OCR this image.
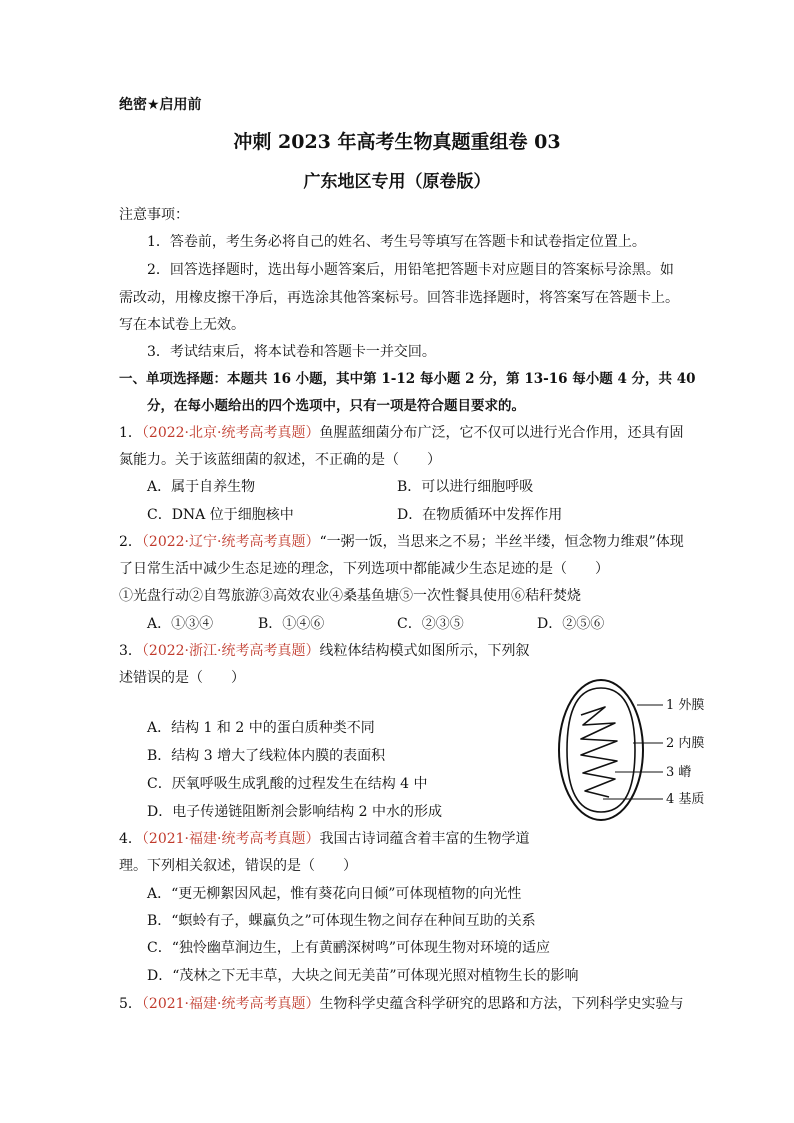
绝密★启用前
冲刺 2023 年高考生物真题重组卷 03
广东地区专用（原卷版）
注意事项：
1．答卷前，考生务必将自己的姓名、考生号等填写在答题卡和试卷指定位置上。
2．回答选择题时，选出每小题答案后，用铅笔把答题卡对应题目的答案标号涂黑。如
需改动，用橡皮擦干净后，再选涂其他答案标号。回答非选择题时，将答案写在答题卡上。
写在本试卷上无效。
3．考试结束后，将本试卷和答题卡一并交回。
一、单项选择题：本题共 16 小题，其中第 1-12 每小题 2 分，第 13-16 每小题 4 分，共 40
分，在每小题给出的四个选项中，只有一项是符合题目要求的。
1．（2022·北京·统考高考真题）鱼腥蓝细菌分布广泛，它不仅可以进行光合作用，还具有固
氮能力。关于该蓝细菌的叙述，不正确的是（　　）
A．属于自养生物	B．可以进行细胞呼吸
C．DNA 位于细胞核中	D．在物质循环中发挥作用
2．（2022·辽宁·统考高考真题）“一粥一饭，当思来之不易；半丝半缕，恒念物力维艰”体现
了日常生活中减少生态足迹的理念，下列选项中都能减少生态足迹的是（　　）
①光盘行动②自驾旅游③高效农业④桑基鱼塘⑤一次性餐具使用⑥秸秆焚烧
A．①③④	B．①④⑥	C．②③⑤	D．②⑤⑥
3．（2022·浙江·统考高考真题）线粒体结构模式如图所示，下列叙
述错误的是（　　）
A．结构 1 和 2 中的蛋白质种类不同
B．结构 3 增大了线粒体内膜的表面积
C．厌氧呼吸生成乳酸的过程发生在结构 4 中
D．电子传递链阻断剂会影响结构 2 中水的形成
1 外膜
2 内膜
3 嵴
4 基质
4．（2021·福建·统考高考真题）我国古诗词蕴含着丰富的生物学道
理。下列相关叙述，错误的是（　　）
A．“更无柳絮因风起，惟有葵花向日倾”可体现植物的向光性
B．“螟蛉有子，蜾蠃负之”可体现生物之间存在种间互助的关系
C．“独怜幽草涧边生，上有黄鹂深树鸣”可体现生物对环境的适应
D．“茂林之下无丰草，大块之间无美苗”可体现光照对植物生长的影响
5．（2021·福建·统考高考真题）生物科学史蕴含科学研究的思路和方法，下列科学史实验与
